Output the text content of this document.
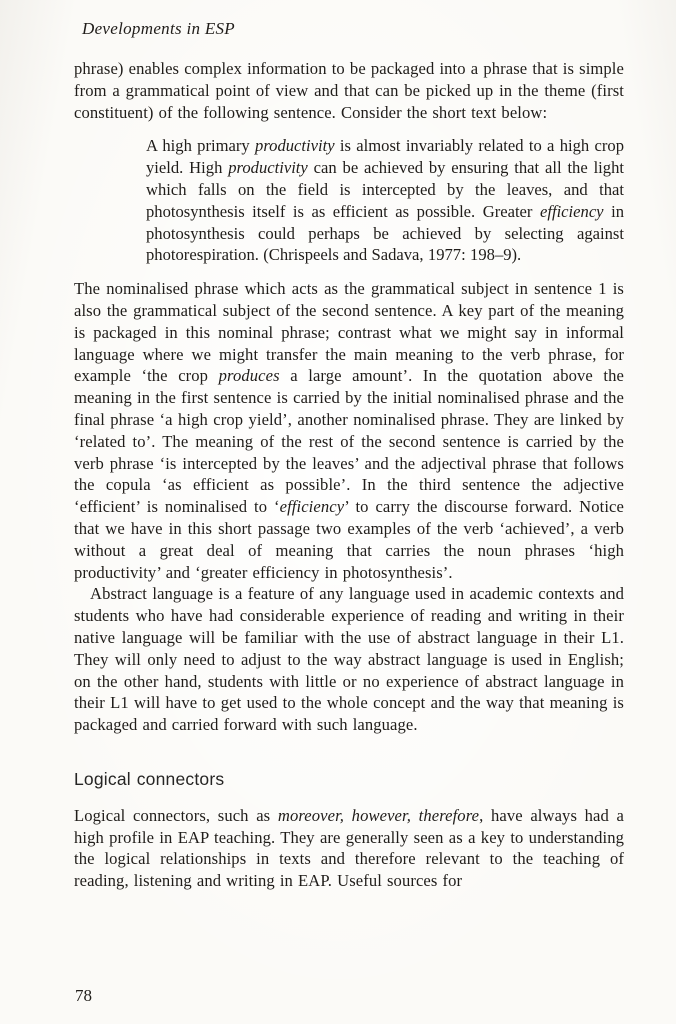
Developments in ESP

phrase) enables complex information to be packaged into a phrase that is simple from a grammatical point of view and that can be picked up in the theme (first constituent) of the following sentence. Consider the short text below:

A high primary productivity is almost invariably related to a high crop yield. High productivity can be achieved by ensuring that all the light which falls on the field is intercepted by the leaves, and that photosynthesis itself is as efficient as possible. Greater efficiency in photosynthesis could perhaps be achieved by selecting against photorespiration. (Chrispeels and Sadava, 1977: 198–9).

The nominalised phrase which acts as the grammatical subject in sentence 1 is also the grammatical subject of the second sentence. A key part of the meaning is packaged in this nominal phrase; contrast what we might say in informal language where we might transfer the main meaning to the verb phrase, for example ‘the crop produces a large amount’. In the quotation above the meaning in the first sentence is carried by the initial nominalised phrase and the final phrase ‘a high crop yield’, another nominalised phrase. They are linked by ‘related to’. The meaning of the rest of the second sentence is carried by the verb phrase ‘is intercepted by the leaves’ and the adjectival phrase that follows the copula ‘as efficient as possible’. In the third sentence the adjective ‘efficient’ is nominalised to ‘efficiency’ to carry the discourse forward. Notice that we have in this short passage two examples of the verb ‘achieved’, a verb without a great deal of meaning that carries the noun phrases ‘high productivity’ and ‘greater efficiency in photosynthesis’.

Abstract language is a feature of any language used in academic contexts and students who have had considerable experience of reading and writing in their native language will be familiar with the use of abstract language in their L1. They will only need to adjust to the way abstract language is used in English; on the other hand, students with little or no experience of abstract language in their L1 will have to get used to the whole concept and the way that meaning is packaged and carried forward with such language.

Logical connectors

Logical connectors, such as moreover, however, therefore, have always had a high profile in EAP teaching. They are generally seen as a key to understanding the logical relationships in texts and therefore relevant to the teaching of reading, listening and writing in EAP. Useful sources for

78
